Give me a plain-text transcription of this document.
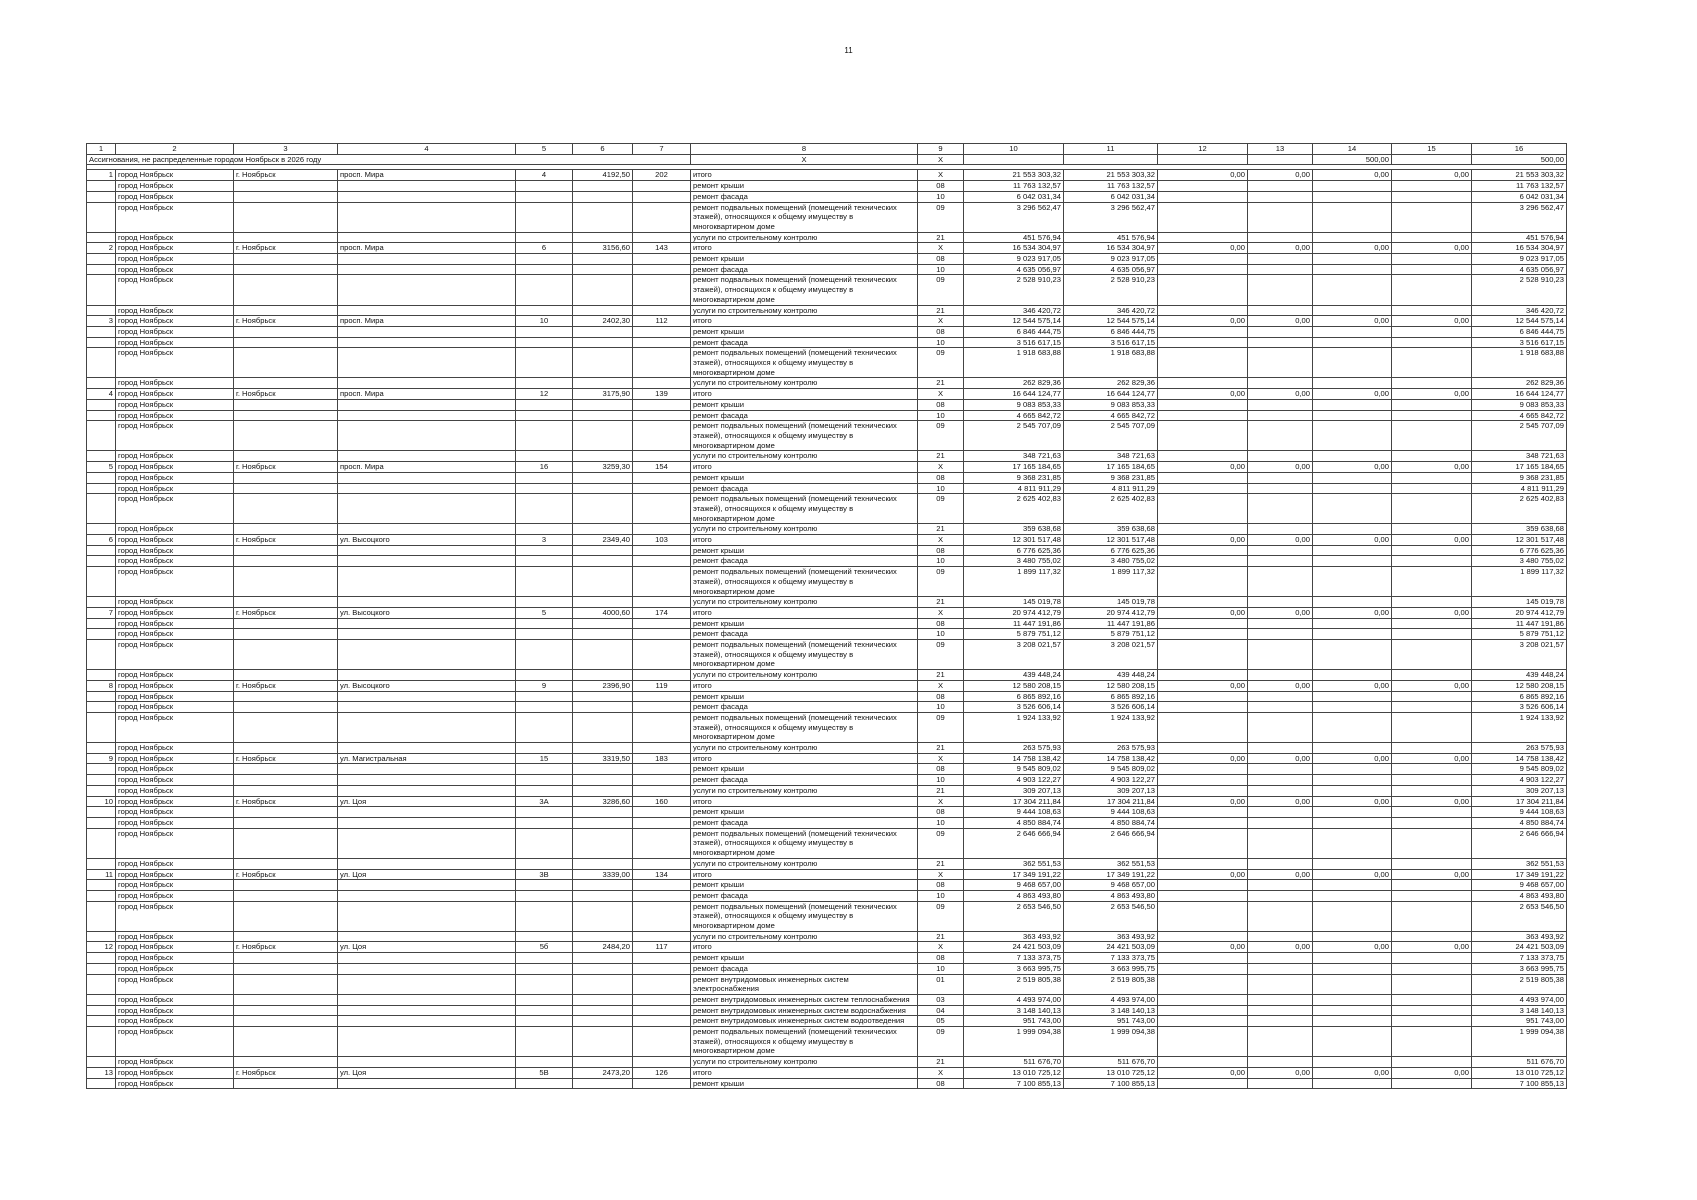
11
1	2	3	4	5	6	7	8	9	10	11	12	13	14	15	16
Ассигнования, не распределенные городом Ноябрьск в 2026 году							X	X					500,00		500,00

1	город Ноябрьск	г. Ноябрьск	просп. Мира	4	4192,50	202	итого	X	21 553 303,32	21 553 303,32	0,00	0,00	0,00	0,00	21 553 303,32
	город Ноябрьск						ремонт крыши	08	11 763 132,57	11 763 132,57					11 763 132,57
	город Ноябрьск						ремонт фасада	10	6 042 031,34	6 042 031,34					6 042 031,34
	город Ноябрьск						ремонт подвальных помещений (помещений технических этажей), относящихся к общему имуществу в многоквартирном доме	09	3 296 562,47	3 296 562,47					3 296 562,47
	город Ноябрьск						услуги по строительному контролю	21	451 576,94	451 576,94					451 576,94
2	город Ноябрьск	г. Ноябрьск	просп. Мира	6	3156,60	143	итого	X	16 534 304,97	16 534 304,97	0,00	0,00	0,00	0,00	16 534 304,97
	город Ноябрьск						ремонт крыши	08	9 023 917,05	9 023 917,05					9 023 917,05
	город Ноябрьск						ремонт фасада	10	4 635 056,97	4 635 056,97					4 635 056,97
	город Ноябрьск						ремонт подвальных помещений (помещений технических этажей), относящихся к общему имуществу в многоквартирном доме	09	2 528 910,23	2 528 910,23					2 528 910,23
	город Ноябрьск						услуги по строительному контролю	21	346 420,72	346 420,72					346 420,72
3	город Ноябрьск	г. Ноябрьск	просп. Мира	10	2402,30	112	итого	X	12 544 575,14	12 544 575,14	0,00	0,00	0,00	0,00	12 544 575,14
	город Ноябрьск						ремонт крыши	08	6 846 444,75	6 846 444,75					6 846 444,75
	город Ноябрьск						ремонт фасада	10	3 516 617,15	3 516 617,15					3 516 617,15
	город Ноябрьск						ремонт подвальных помещений (помещений технических этажей), относящихся к общему имуществу в многоквартирном доме	09	1 918 683,88	1 918 683,88					1 918 683,88
	город Ноябрьск						услуги по строительному контролю	21	262 829,36	262 829,36					262 829,36
4	город Ноябрьск	г. Ноябрьск	просп. Мира	12	3175,90	139	итого	X	16 644 124,77	16 644 124,77	0,00	0,00	0,00	0,00	16 644 124,77
	город Ноябрьск						ремонт крыши	08	9 083 853,33	9 083 853,33					9 083 853,33
	город Ноябрьск						ремонт фасада	10	4 665 842,72	4 665 842,72					4 665 842,72
	город Ноябрьск						ремонт подвальных помещений (помещений технических этажей), относящихся к общему имуществу в многоквартирном доме	09	2 545 707,09	2 545 707,09					2 545 707,09
	город Ноябрьск						услуги по строительному контролю	21	348 721,63	348 721,63					348 721,63
5	город Ноябрьск	г. Ноябрьск	просп. Мира	16	3259,30	154	итого	X	17 165 184,65	17 165 184,65	0,00	0,00	0,00	0,00	17 165 184,65
	город Ноябрьск						ремонт крыши	08	9 368 231,85	9 368 231,85					9 368 231,85
	город Ноябрьск						ремонт фасада	10	4 811 911,29	4 811 911,29					4 811 911,29
	город Ноябрьск						ремонт подвальных помещений (помещений технических этажей), относящихся к общему имуществу в многоквартирном доме	09	2 625 402,83	2 625 402,83					2 625 402,83
	город Ноябрьск						услуги по строительному контролю	21	359 638,68	359 638,68					359 638,68
6	город Ноябрьск	г. Ноябрьск	ул. Высоцкого	3	2349,40	103	итого	X	12 301 517,48	12 301 517,48	0,00	0,00	0,00	0,00	12 301 517,48
	город Ноябрьск						ремонт крыши	08	6 776 625,36	6 776 625,36					6 776 625,36
	город Ноябрьск						ремонт фасада	10	3 480 755,02	3 480 755,02					3 480 755,02
	город Ноябрьск						ремонт подвальных помещений (помещений технических этажей), относящихся к общему имуществу в многоквартирном доме	09	1 899 117,32	1 899 117,32					1 899 117,32
	город Ноябрьск						услуги по строительному контролю	21	145 019,78	145 019,78					145 019,78
7	город Ноябрьск	г. Ноябрьск	ул. Высоцкого	5	4000,60	174	итого	X	20 974 412,79	20 974 412,79	0,00	0,00	0,00	0,00	20 974 412,79
	город Ноябрьск						ремонт крыши	08	11 447 191,86	11 447 191,86					11 447 191,86
	город Ноябрьск						ремонт фасада	10	5 879 751,12	5 879 751,12					5 879 751,12
	город Ноябрьск						ремонт подвальных помещений (помещений технических этажей), относящихся к общему имуществу в многоквартирном доме	09	3 208 021,57	3 208 021,57					3 208 021,57
	город Ноябрьск						услуги по строительному контролю	21	439 448,24	439 448,24					439 448,24
8	город Ноябрьск	г. Ноябрьск	ул. Высоцкого	9	2396,90	119	итого	X	12 580 208,15	12 580 208,15	0,00	0,00	0,00	0,00	12 580 208,15
	город Ноябрьск						ремонт крыши	08	6 865 892,16	6 865 892,16					6 865 892,16
	город Ноябрьск						ремонт фасада	10	3 526 606,14	3 526 606,14					3 526 606,14
	город Ноябрьск						ремонт подвальных помещений (помещений технических этажей), относящихся к общему имуществу в многоквартирном доме	09	1 924 133,92	1 924 133,92					1 924 133,92
	город Ноябрьск						услуги по строительному контролю	21	263 575,93	263 575,93					263 575,93
9	город Ноябрьск	г. Ноябрьск	ул. Магистральная	15	3319,50	183	итого	X	14 758 138,42	14 758 138,42	0,00	0,00	0,00	0,00	14 758 138,42
	город Ноябрьск						ремонт крыши	08	9 545 809,02	9 545 809,02					9 545 809,02
	город Ноябрьск						ремонт фасада	10	4 903 122,27	4 903 122,27					4 903 122,27
	город Ноябрьск						услуги по строительному контролю	21	309 207,13	309 207,13					309 207,13
10	город Ноябрьск	г. Ноябрьск	ул. Цоя	3А	3286,60	160	итого	X	17 304 211,84	17 304 211,84	0,00	0,00	0,00	0,00	17 304 211,84
	город Ноябрьск						ремонт крыши	08	9 444 108,63	9 444 108,63					9 444 108,63
	город Ноябрьск						ремонт фасада	10	4 850 884,74	4 850 884,74					4 850 884,74
	город Ноябрьск						ремонт подвальных помещений (помещений технических этажей), относящихся к общему имуществу в многоквартирном доме	09	2 646 666,94	2 646 666,94					2 646 666,94
	город Ноябрьск						услуги по строительному контролю	21	362 551,53	362 551,53					362 551,53
11	город Ноябрьск	г. Ноябрьск	ул. Цоя	3В	3339,00	134	итого	X	17 349 191,22	17 349 191,22	0,00	0,00	0,00	0,00	17 349 191,22
	город Ноябрьск						ремонт крыши	08	9 468 657,00	9 468 657,00					9 468 657,00
	город Ноябрьск						ремонт фасада	10	4 863 493,80	4 863 493,80					4 863 493,80
	город Ноябрьск						ремонт подвальных помещений (помещений технических этажей), относящихся к общему имуществу в многоквартирном доме	09	2 653 546,50	2 653 546,50					2 653 546,50
	город Ноябрьск						услуги по строительному контролю	21	363 493,92	363 493,92					363 493,92
12	город Ноябрьск	г. Ноябрьск	ул. Цоя	5б	2484,20	117	итого	X	24 421 503,09	24 421 503,09	0,00	0,00	0,00	0,00	24 421 503,09
	город Ноябрьск						ремонт крыши	08	7 133 373,75	7 133 373,75					7 133 373,75
	город Ноябрьск						ремонт фасада	10	3 663 995,75	3 663 995,75					3 663 995,75
	город Ноябрьск						ремонт внутридомовых инженерных систем электроснабжения	01	2 519 805,38	2 519 805,38					2 519 805,38
	город Ноябрьск						ремонт внутридомовых инженерных систем теплоснабжения	03	4 493 974,00	4 493 974,00					4 493 974,00
	город Ноябрьск						ремонт внутридомовых инженерных систем водоснабжения	04	3 148 140,13	3 148 140,13					3 148 140,13
	город Ноябрьск						ремонт внутридомовых инженерных систем водоотведения	05	951 743,00	951 743,00					951 743,00
	город Ноябрьск						ремонт подвальных помещений (помещений технических этажей), относящихся к общему имуществу в многоквартирном доме	09	1 999 094,38	1 999 094,38					1 999 094,38
	город Ноябрьск						услуги по строительному контролю	21	511 676,70	511 676,70					511 676,70
13	город Ноябрьск	г. Ноябрьск	ул. Цоя	5В	2473,20	126	итого	X	13 010 725,12	13 010 725,12	0,00	0,00	0,00	0,00	13 010 725,12
	город Ноябрьск						ремонт крыши	08	7 100 855,13	7 100 855,13					7 100 855,13
